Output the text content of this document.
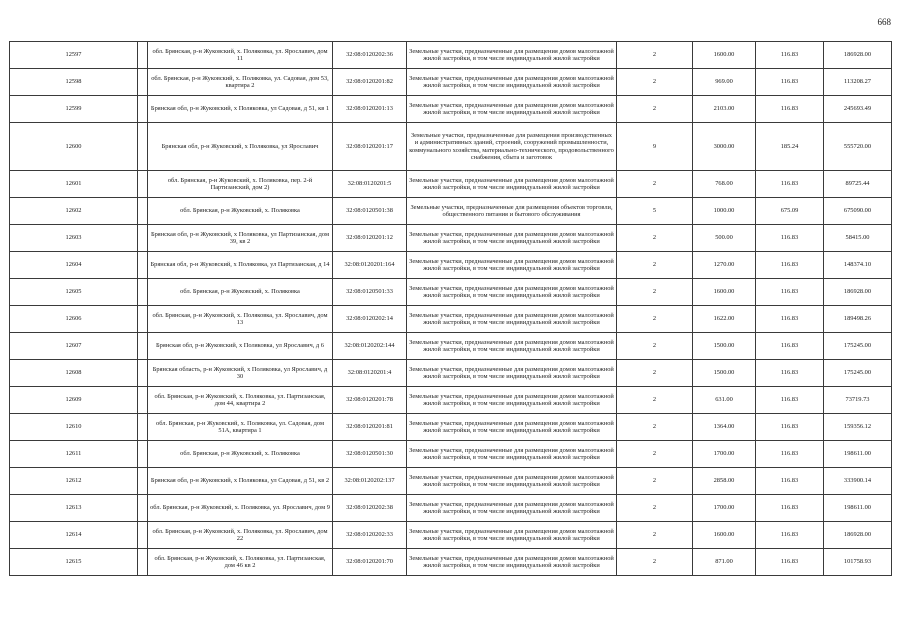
668
12597		обл. Брянская, р-н Жуковский, х. Поляковка, ул. Ярославич, дом 11	32:08:0120202:36	Земельные участки, предназначенные для размещения домов малоэтажной жилой застройки, в том числе индивидуальной жилой застройки	2	1600.00	116.83	186928.00
12598		обл. Брянская, р-н Жуковский, х. Поляковка, ул. Садовая, дом 53, квартира 2	32:08:0120201:82	Земельные участки, предназначенные для размещения домов малоэтажной жилой застройки, в том числе индивидуальной жилой застройки	2	969.00	116.83	113208.27
12599		Брянская обл, р-н Жуковский, х Поляковка, ул Садовая, д 51, кв 1	32:08:0120201:13	Земельные участки, предназначенные для размещения домов малоэтажной жилой застройки, в том числе индивидуальной жилой застройки	2	2103.00	116.83	245693.49
12600		Брянская обл, р-н Жуковский, х Поляковка, ул Ярославич	32:08:0120201:17	Земельные участки, предназначенные для размещения производственных и административных зданий, строений, сооружений промышленности, коммунального хозяйства, материально-технического, продовольственного снабжения, сбыта и заготовок	9	3000.00	185.24	555720.00
12601		обл. Брянская, р-н Жуковский, х. Поляковка, пер. 2-й Партизанский, дом 2)	32:08:0120201:5	Земельные участки, предназначенные для размещения домов малоэтажной жилой застройки, в том числе индивидуальной жилой застройки	2	768.00	116.83	89725.44
12602		обл. Брянская, р-н Жуковский, х. Поляковка	32:08:0120501:38	Земельные участки, предназначенные для размещения объектов торговли, общественного питания и бытового обслуживания	5	1000.00	675.09	675090.00
12603		Брянская обл, р-н Жуковский, х Поляковка, ул Партизанская, дом 39, кв 2	32:08:0120201:12	Земельные участки, предназначенные для размещения домов малоэтажной жилой застройки, в том числе индивидуальной жилой застройки	2	500.00	116.83	58415.00
12604		Брянская обл, р-н Жуковский, х Поляковка, ул Партизанская, д 14	32:08:0120201:164	Земельные участки, предназначенные для размещения домов малоэтажной жилой застройки, в том числе индивидуальной жилой застройки	2	1270.00	116.83	148374.10
12605		обл. Брянская, р-н Жуковский, х. Поляковка	32:08:0120501:33	Земельные участки, предназначенные для размещения домов малоэтажной жилой застройки, в том числе индивидуальной жилой застройки	2	1600.00	116.83	186928.00
12606		обл. Брянская, р-н Жуковский, х. Поляковка, ул. Ярославич, дом 13	32:08:0120202:14	Земельные участки, предназначенные для размещения домов малоэтажной жилой застройки, в том числе индивидуальной жилой застройки	2	1622.00	116.83	189498.26
12607		Брянская обл, р-н Жуковский, х Поляковка, ул Ярославич, д 6	32:08:0120202:144	Земельные участки, предназначенные для размещения домов малоэтажной жилой застройки, в том числе индивидуальной жилой застройки	2	1500.00	116.83	175245.00
12608		Брянская область, р-н Жуковский, х Поляковка, ул Ярославич, д 30	32:08:0120201:4	Земельные участки, предназначенные для размещения домов малоэтажной жилой застройки, в том числе индивидуальной жилой застройки	2	1500.00	116.83	175245.00
12609		обл. Брянская, р-н Жуковский, х. Поляковка, ул. Партизанская, дом 44, квартира 2	32:08:0120201:78	Земельные участки, предназначенные для размещения домов малоэтажной жилой застройки, в том числе индивидуальной жилой застройки	2	631.00	116.83	73719.73
12610		обл. Брянская, р-н Жуковский, х. Поляковка, ул. Садовая, дом 51А, квартира 1	32:08:0120201:81	Земельные участки, предназначенные для размещения домов малоэтажной жилой застройки, в том числе индивидуальной жилой застройки	2	1364.00	116.83	159356.12
12611		обл. Брянская, р-н Жуковский, х. Поляковка	32:08:0120501:30	Земельные участки, предназначенные для размещения домов малоэтажной жилой застройки, в том числе индивидуальной жилой застройки	2	1700.00	116.83	198611.00
12612		Брянская обл, р-н Жуковский, х Поляковка, ул Садовая, д 51, кв 2	32:08:0120202:137	Земельные участки, предназначенные для размещения домов малоэтажной жилой застройки, в том числе индивидуальной жилой застройки	2	2858.00	116.83	333900.14
12613		обл. Брянская, р-н Жуковский, х. Поляковка, ул. Ярославич, дом 9	32:08:0120202:38	Земельные участки, предназначенные для размещения домов малоэтажной жилой застройки, в том числе индивидуальной жилой застройки	2	1700.00	116.83	198611.00
12614		обл. Брянская, р-н Жуковский, х. Поляковка, ул. Ярославич, дом 22	32:08:0120202:33	Земельные участки, предназначенные для размещения домов малоэтажной жилой застройки, в том числе индивидуальной жилой застройки	2	1600.00	116.83	186928.00
12615		обл. Брянская, р-н Жуковский, х. Поляковка, ул. Партизанская, дом 46 кв 2	32:08:0120201:70	Земельные участки, предназначенные для размещения домов малоэтажной жилой застройки, в том числе индивидуальной жилой застройки	2	871.00	116.83	101758.93
